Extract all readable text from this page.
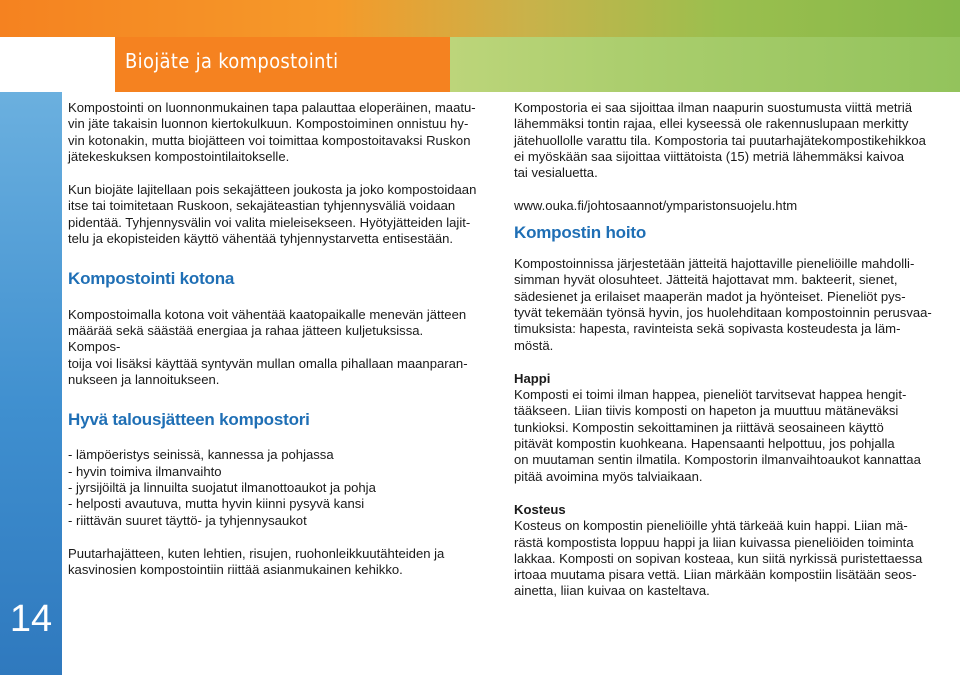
Biojäte ja kompostointi
14

Kompostointi on luonnonmukainen tapa palauttaa eloperäinen, maatu-
vin jäte takaisin luonnon kiertokulkuun. Kompostoiminen onnistuu hy-
vin kotonakin, mutta biojätteen voi toimittaa kompostoitavaksi Ruskon
jätekeskuksen kompostointilaitokselle.

Kun biojäte lajitellaan pois sekajätteen joukosta ja joko kompostoidaan
itse tai toimitetaan Ruskoon, sekajäteastian tyhjennysväliä voidaan
pidentää. Tyhjennysvälin voi valita mieleisekseen. Hyötyjätteiden lajit-
telu ja ekopisteiden käyttö vähentää tyhjennystarvetta entisestään.

Kompostointi kotona

Kompostoimalla kotona voit vähentää kaatopaikalle menevän jätteen
määrää sekä säästää energiaa ja rahaa jätteen kuljetuksissa. Kompos-
toija voi lisäksi käyttää syntyvän mullan omalla pihallaan maanparan-
nukseen ja lannoitukseen.

Hyvä talousjätteen kompostori

- lämpöeristys seinissä, kannessa ja pohjassa

- hyvin toimiva ilmanvaihto

- jyrsijöiltä ja linnuilta suojatut ilmanottoaukot ja pohja

- helposti avautuva, mutta hyvin kiinni pysyvä kansi

- riittävän suuret täyttö- ja tyhjennysaukot

Puutarhajätteen, kuten lehtien, risujen, ruohonleikkuutähteiden ja
kasvinosien kompostointiin riittää asianmukainen kehikko.

Kompostoria ei saa sijoittaa ilman naapurin suostumusta viittä metriä
lähemmäksi tontin rajaa, ellei kyseessä ole rakennuslupaan merkitty
jätehuollolle varattu tila. Kompostoria tai puutarhajätekompostikehikkoa
ei myöskään saa sijoittaa viittätoista (15) metriä lähemmäksi kaivoa
tai vesialuetta.

www.ouka.fi/johtosaannot/ymparistonsuojelu.htm

Kompostin hoito

Kompostoinnissa järjestetään jätteitä hajottaville pieneliöille mahdolli-
simman hyvät olosuhteet. Jätteitä hajottavat mm. bakteerit, sienet,
sädesienet ja erilaiset maaperän madot ja hyönteiset. Pieneliöt pys-
tyvät tekemään työnsä hyvin, jos huolehditaan kompostoinnin perusvaa-
timuksista: hapesta, ravinteista sekä sopivasta kosteudesta ja läm-
möstä.

Happi

Komposti ei toimi ilman happea, pieneliöt tarvitsevat happea hengit-
tääkseen. Liian tiivis komposti on hapeton ja muuttuu mätäneväksi
tunkioksi. Kompostin sekoittaminen ja riittävä seosaineen käyttö
pitävät kompostin kuohkeana. Hapensaanti helpottuu, jos pohjalla
on muutaman sentin ilmatila. Kompostorin ilmanvaihtoaukot kannattaa
pitää avoimina myös talviaikaan.

Kosteus

Kosteus on kompostin pieneliöille yhtä tärkeää kuin happi. Liian mä-
rästä kompostista loppuu happi ja liian kuivassa pieneliöiden toiminta
lakkaa. Komposti on sopivan kosteaa, kun siitä nyrkissä puristettaessa
irtoaa muutama pisara vettä. Liian märkään kompostiin lisätään seos-
ainetta, liian kuivaa on kasteltava.
